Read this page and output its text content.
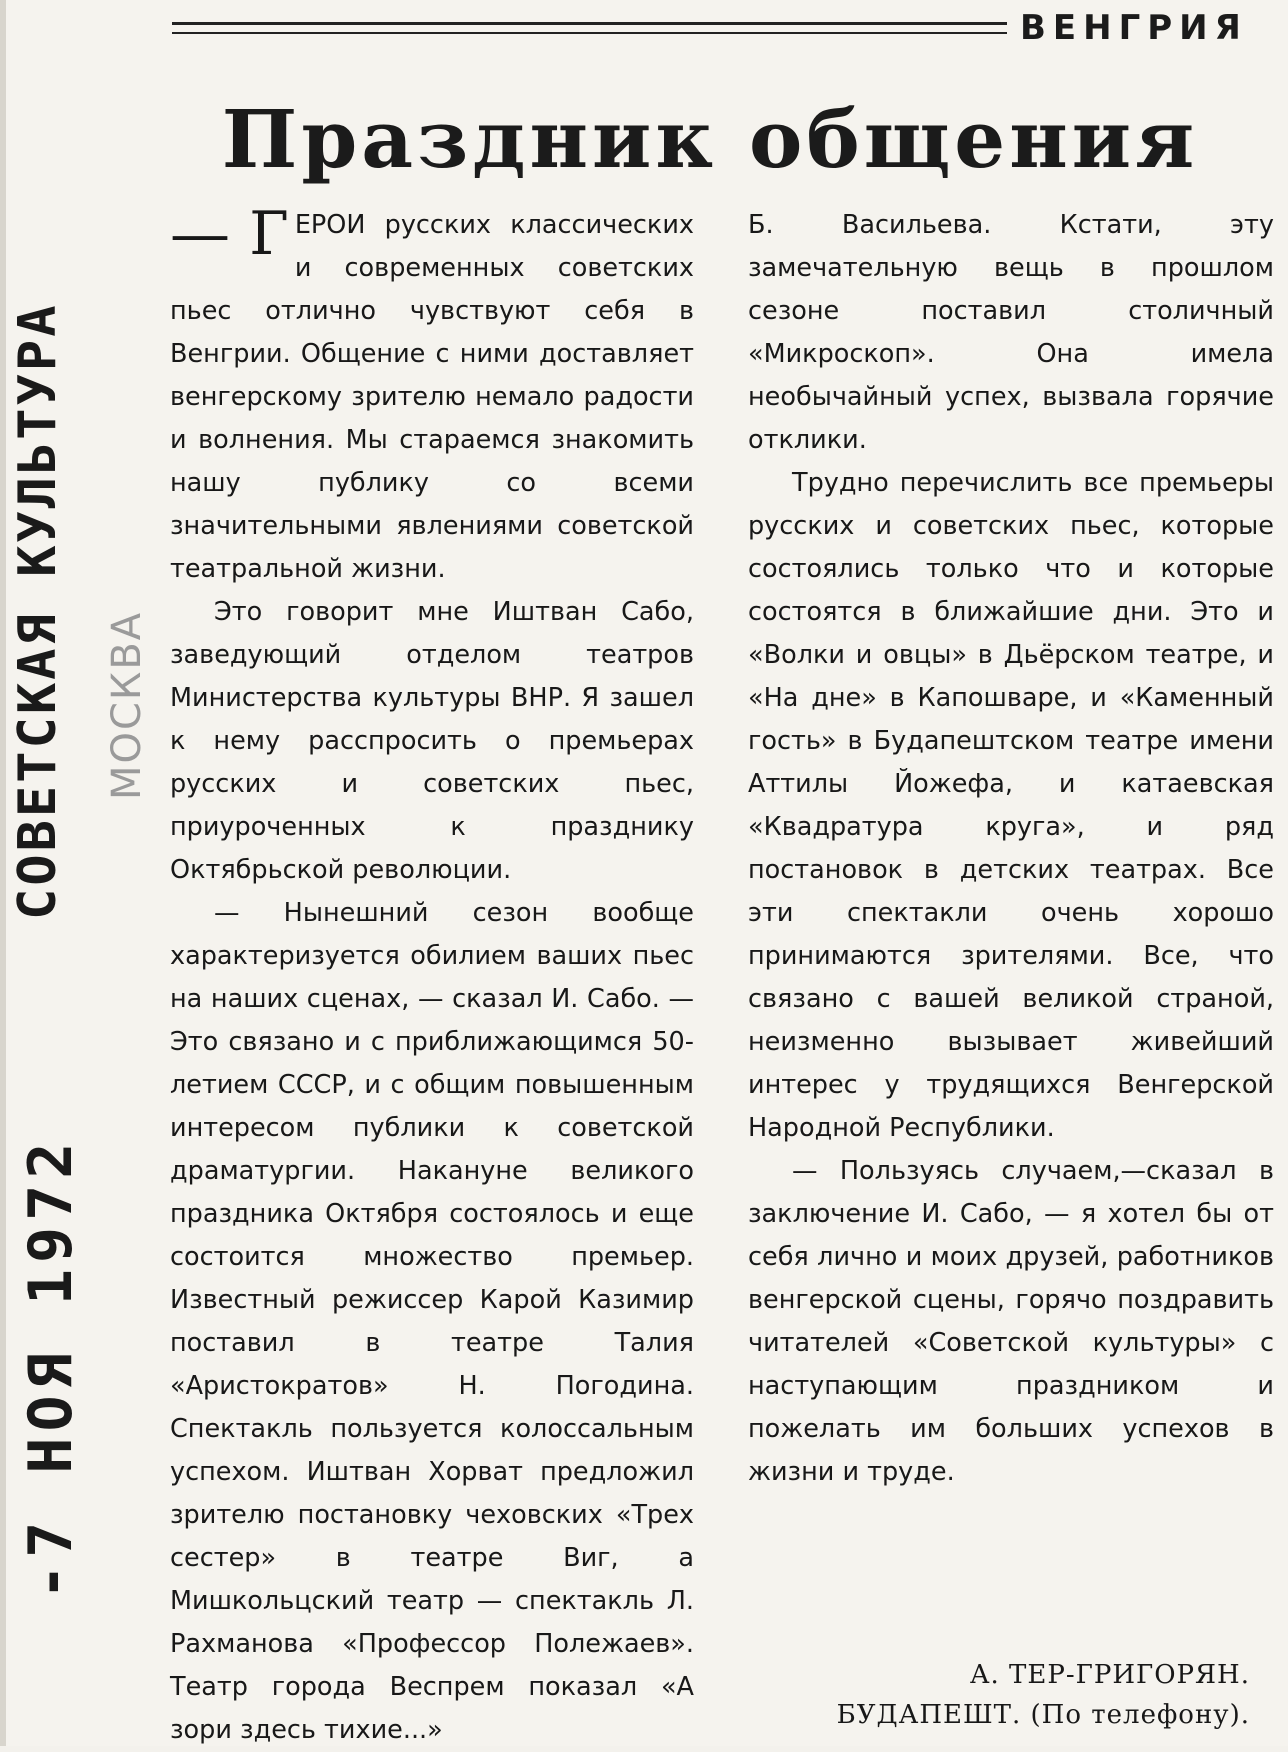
СОВЕТСКАЯ КУЛЬТУРА МОСКВА
-7 НОЯ 1972
ВЕНГРИЯ
Праздник общения

— Г ЕРОИ русских классических и современных советских пьес отлично чувствуют себя в Венгрии. Общение с ними доставляет венгерскому зрителю немало радости и волнения. Мы стараемся знакомить нашу публику со всеми значительными явлениями советской театральной жизни.

Это говорит мне Иштван Сабо, заведующий отделом театров Министерства культуры ВНР. Я зашел к нему расспросить о премьерах русских и советских пьес, приуроченных к празднику Октябрьской революции.

— Нынешний сезон вообще характеризуется обилием ваших пьес на наших сценах, — сказал И. Сабо. — Это связано и с приближающимся 50-летием СССР, и с общим повышенным интересом публики к советской драматургии. Накануне великого праздника Октября состоялось и еще состоится множество премьер. Известный режиссер Карой Казимир поставил в театре Талия «Аристократов» Н. Погодина. Спектакль пользуется колоссальным успехом. Иштван Хорват предложил зрителю постановку чеховских «Трех сестер» в театре Виг, а Мишкольцский театр — спектакль Л. Рахманова «Профессор Полежаев». Театр города Веспрем показал «А зори здесь тихие...»

Б. Васильева. Кстати, эту замечательную вещь в прошлом сезоне поставил столичный «Микроскоп». Она имела необычайный успех, вызвала горячие отклики.

Трудно перечислить все премьеры русских и советских пьес, которые состоялись только что и которые состоятся в ближайшие дни. Это и «Волки и овцы» в Дьёрском театре, и «На дне» в Капошваре, и «Каменный гость» в Будапештском театре имени Аттилы Йожефа, и катаевская «Квадратура круга», и ряд постановок в детских театрах. Все эти спектакли очень хорошо принимаются зрителями. Все, что связано с вашей великой страной, неизменно вызывает живейший интерес у трудящихся Венгерской Народной Республики.

— Пользуясь случаем,—сказал в заключение И. Сабо, — я хотел бы от себя лично и моих друзей, работников венгерской сцены, горячо поздравить читателей «Советской культуры» с наступающим праздником и пожелать им больших успехов в жизни и труде.

А. ТЕР-ГРИГОРЯН.
БУДАПЕШТ. (По телефону).
